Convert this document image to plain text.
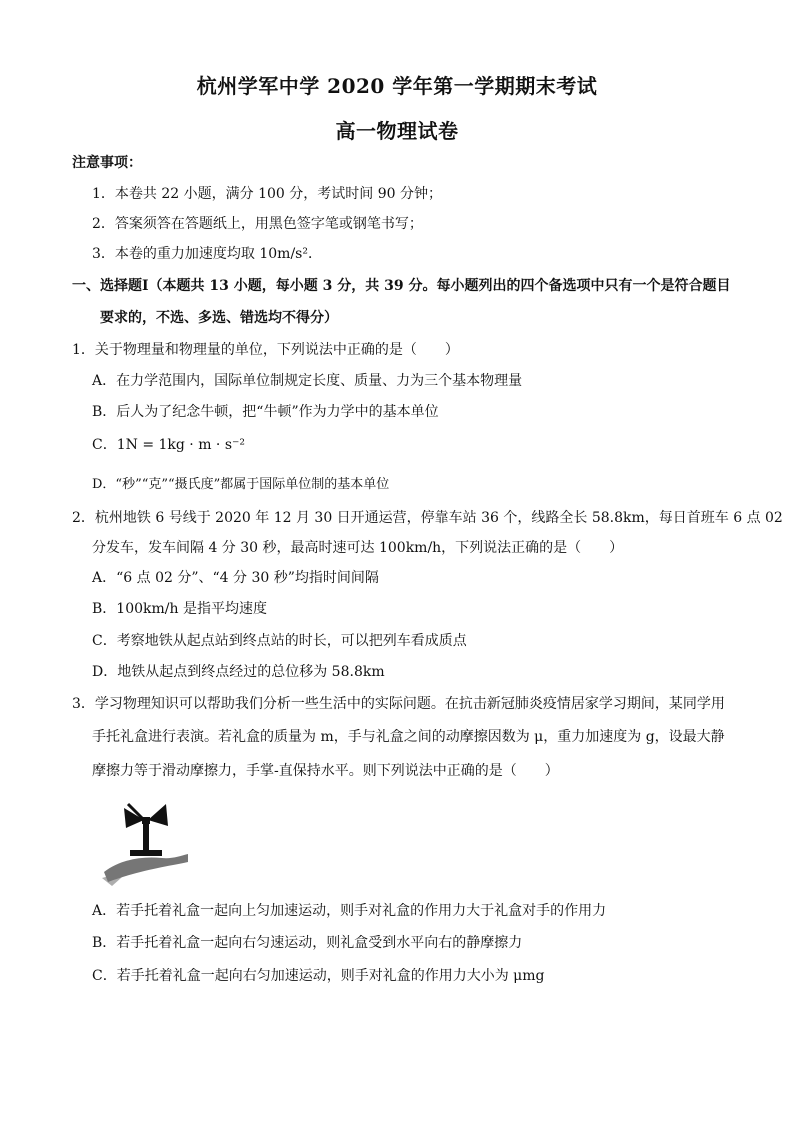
杭州学军中学 2020 学年第一学期期末考试
高一物理试卷
注意事项：
1．本卷共 22 小题，满分 100 分，考试时间 90 分钟；
2．答案须答在答题纸上，用黑色签字笔或钢笔书写；
3．本卷的重力加速度均取 10m/s²．
一、选择题Ⅰ（本题共 13 小题，每小题 3 分，共 39 分。每小题列出的四个备选项中只有一个是符合题目
要求的，不选、多选、错选均不得分）
1．关于物理量和物理量的单位，下列说法中正确的是（　　）
A．在力学范围内，国际单位制规定长度、质量、力为三个基本物理量
B．后人为了纪念牛顿，把“牛顿”作为力学中的基本单位
C．1N = 1kg · m · s⁻²
D．“秒”“克”“摄氏度”都属于国际单位制的基本单位
2．杭州地铁 6 号线于 2020 年 12 月 30 日开通运营，停靠车站 36 个，线路全长 58.8km，每日首班车 6 点 02
分发车，发车间隔 4 分 30 秒，最高时速可达 100km/h，下列说法正确的是（　　）
A．“6 点 02 分”、“4 分 30 秒”均指时间间隔
B．100km/h 是指平均速度
C．考察地铁从起点站到终点站的时长，可以把列车看成质点
D．地铁从起点到终点经过的总位移为 58.8km
3．学习物理知识可以帮助我们分析一些生活中的实际问题。在抗击新冠肺炎疫情居家学习期间，某同学用
手托礼盒进行表演。若礼盒的质量为 m，手与礼盒之间的动摩擦因数为 μ，重力加速度为 g，设最大静
摩擦力等于滑动摩擦力，手掌-直保持水平。则下列说法中正确的是（　　）
A．若手托着礼盒一起向上匀加速运动，则手对礼盒的作用力大于礼盒对手的作用力
B．若手托着礼盒一起向右匀速运动，则礼盒受到水平向右的静摩擦力
C．若手托着礼盒一起向右匀加速运动，则手对礼盒的作用力大小为 μmg
